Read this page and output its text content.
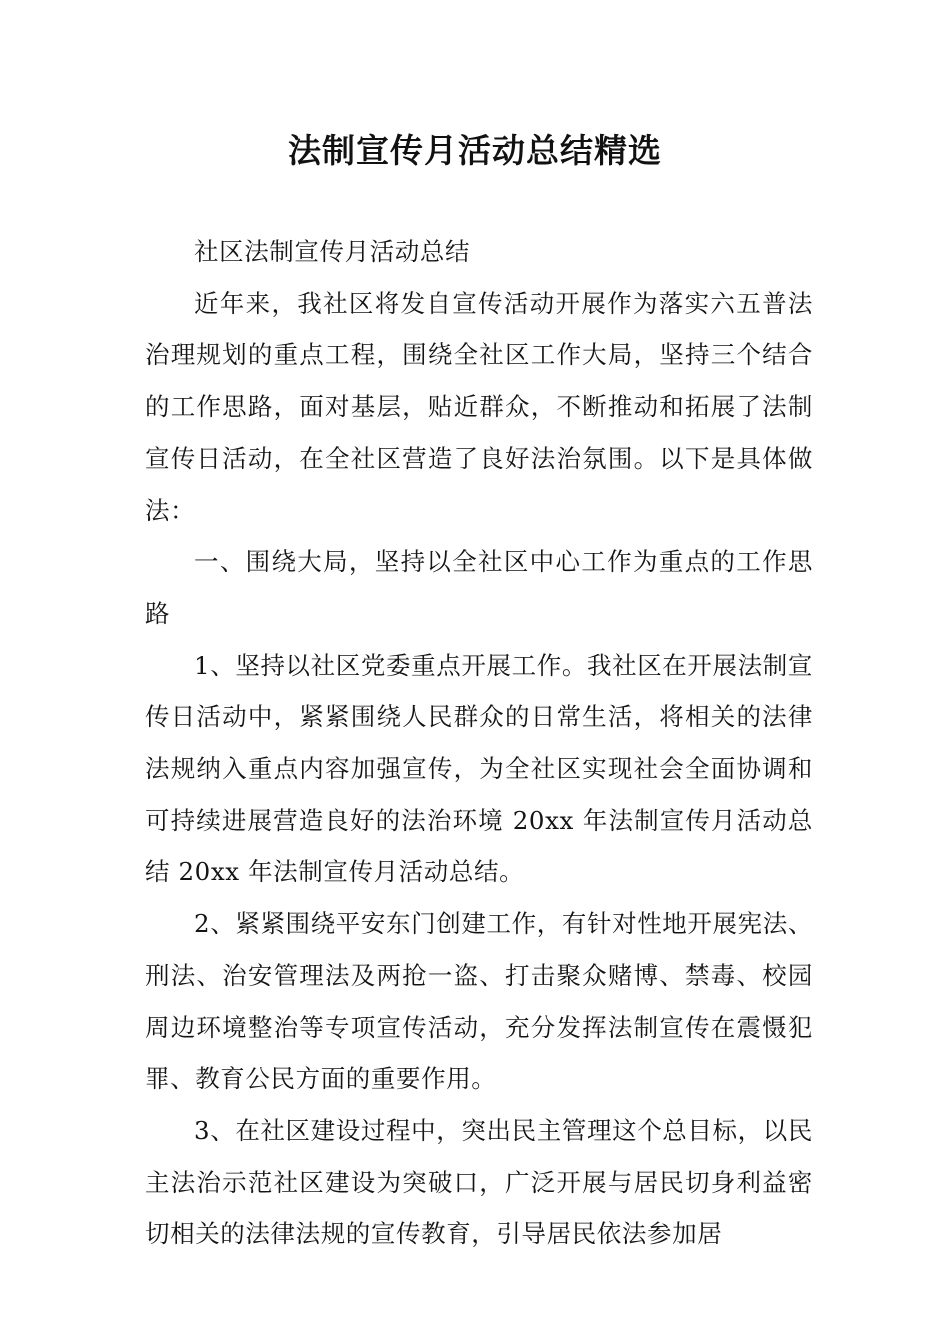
法制宣传月活动总结精选

社区法制宣传月活动总结

近年来，我社区将发自宣传活动开展作为落实六五普法治理规划的重点工程，围绕全社区工作大局，坚持三个结合的工作思路，面对基层，贴近群众，不断推动和拓展了法制宣传日活动，在全社区营造了良好法治氛围。以下是具体做法：

一、围绕大局，坚持以全社区中心工作为重点的工作思路

1、坚持以社区党委重点开展工作。我社区在开展法制宣传日活动中，紧紧围绕人民群众的日常生活，将相关的法律法规纳入重点内容加强宣传，为全社区实现社会全面协调和可持续进展营造良好的法治环境 20xx 年法制宣传月活动总结 20xx 年法制宣传月活动总结。

2、紧紧围绕平安东门创建工作，有针对性地开展宪法、刑法、治安管理法及两抢一盗、打击聚众赌博、禁毒、校园周边环境整治等专项宣传活动，充分发挥法制宣传在震慑犯罪、教育公民方面的重要作用。

3、在社区建设过程中，突出民主管理这个总目标，以民主法治示范社区建设为突破口，广泛开展与居民切身利益密切相关的法律法规的宣传教育，引导居民依法参加居
